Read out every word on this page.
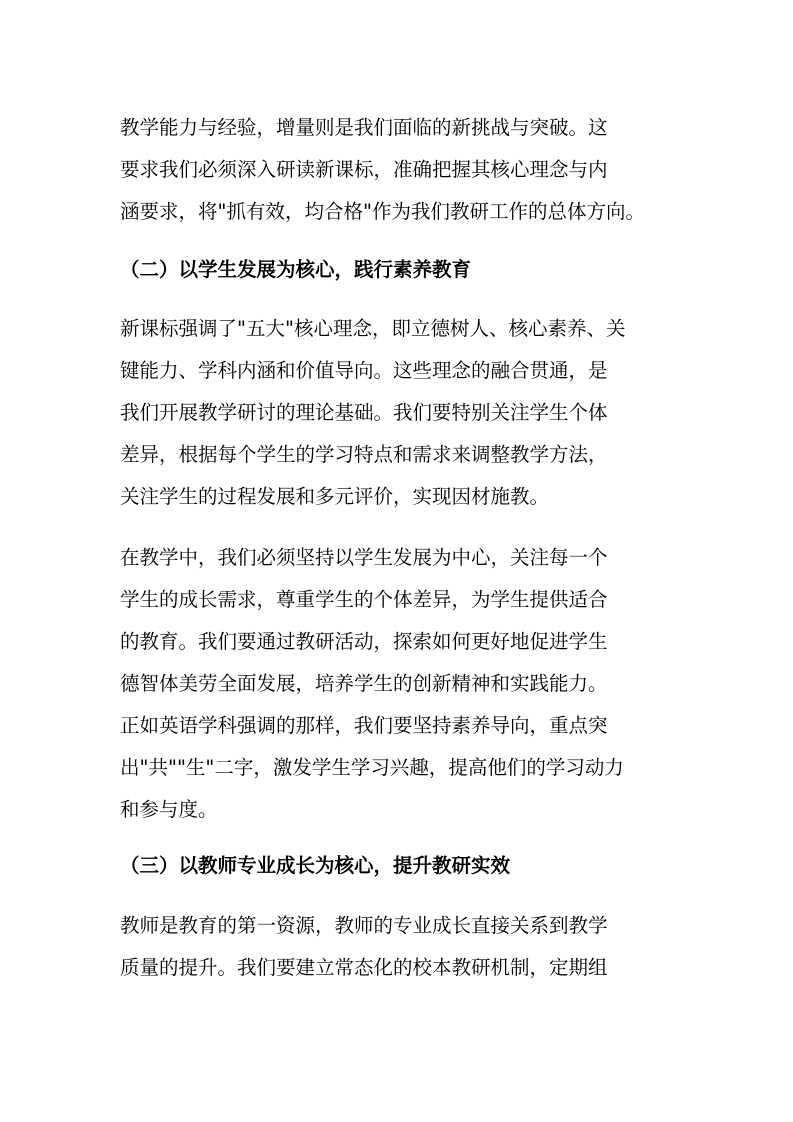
教学能力与经验，增量则是我们面临的新挑战与突破。这
要求我们必须深入研读新课标，准确把握其核心理念与内
涵要求，将"抓有效，均合格"作为我们教研工作的总体方向。
（二）以学生发展为核心，践行素养教育
新课标强调了"五大"核心理念，即立德树人、核心素养、关
键能力、学科内涵和价值导向。这些理念的融合贯通，是
我们开展教学研讨的理论基础。我们要特别关注学生个体
差异，根据每个学生的学习特点和需求来调整教学方法，
关注学生的过程发展和多元评价，实现因材施教。
在教学中，我们必须坚持以学生发展为中心，关注每一个
学生的成长需求，尊重学生的个体差异，为学生提供适合
的教育。我们要通过教研活动，探索如何更好地促进学生
德智体美劳全面发展，培养学生的创新精神和实践能力。
正如英语学科强调的那样，我们要坚持素养导向，重点突
出"共""生"二字，激发学生学习兴趣，提高他们的学习动力
和参与度。
（三）以教师专业成长为核心，提升教研实效
教师是教育的第一资源，教师的专业成长直接关系到教学
质量的提升。我们要建立常态化的校本教研机制，定期组
